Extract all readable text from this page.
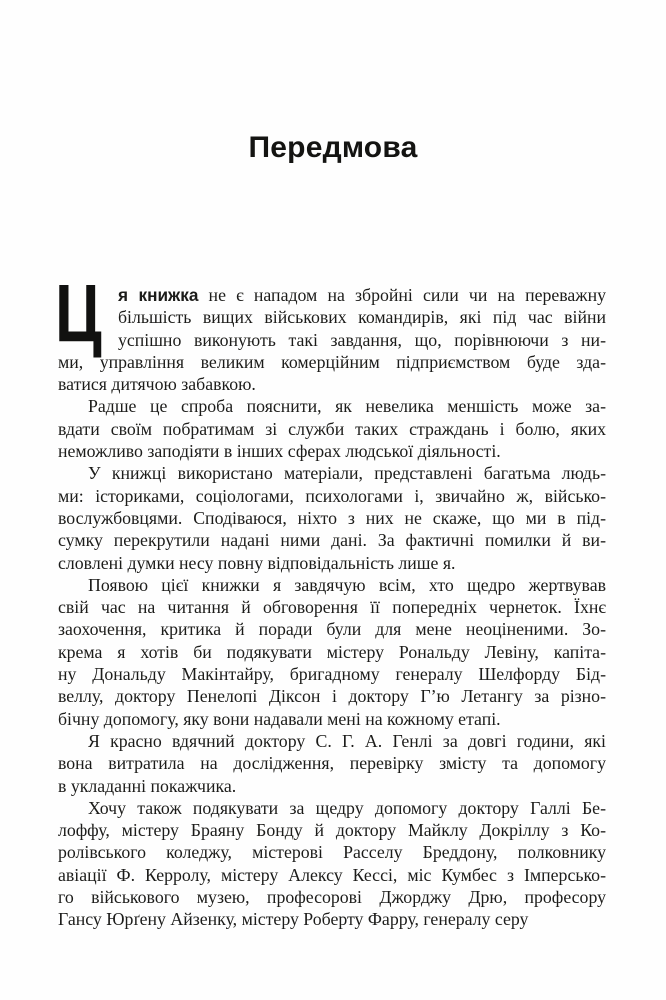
Передмова
Ц я книжка не є нападом на збройні сили чи на переважну
більшість вищих військових командирів, які під час війни
успішно виконують такі завдання, що, порівнюючи з ни-
ми, управління великим комерційним підприємством буде зда-
ватися дитячою забавкою.
Радше це спроба пояснити, як невелика меншість може за-
вдати своїм побратимам зі служби таких страждань і болю, яких
неможливо заподіяти в інших сферах людської діяльності.
У книжці використано матеріали, представлені багатьма людь-
ми: істориками, соціологами, психологами і, звичайно ж, військо-
вослужбовцями. Сподіваюся, ніхто з них не скаже, що ми в під-
сумку перекрутили надані ними дані. За фактичні помилки й ви-
словлені думки несу повну відповідальність лише я.
Появою цієї книжки я завдячую всім, хто щедро жертвував
свій час на читання й обговорення її попередніх чернеток. Їхнє
заохочення, критика й поради були для мене неоціненими. Зо-
крема я хотів би подякувати містеру Рональду Левіну, капіта-
ну Дональду Макінтайру, бригадному генералу Шелфорду Бід-
веллу, доктору Пенелопі Діксон і доктору Г’ю Летангу за різно-
бічну допомогу, яку вони надавали мені на кожному етапі.
Я красно вдячний доктору С. Г. А. Генлі за довгі години, які
вона витратила на дослідження, перевірку змісту та допомогу
в укладанні покажчика.
Хочу також подякувати за щедру допомогу доктору Галлі Бе-
лоффу, містеру Браяну Бонду й доктору Майклу Докріллу з Ко-
ролівського коледжу, містерові Расселу Бреддону, полковнику
авіації Ф. Керролу, містеру Алексу Кессі, міс Кумбес з Імперсько-
го військового музею, професорові Джорджу Дрю, професору
Гансу Юрґену Айзенку, містеру Роберту Фарру, генералу серу
